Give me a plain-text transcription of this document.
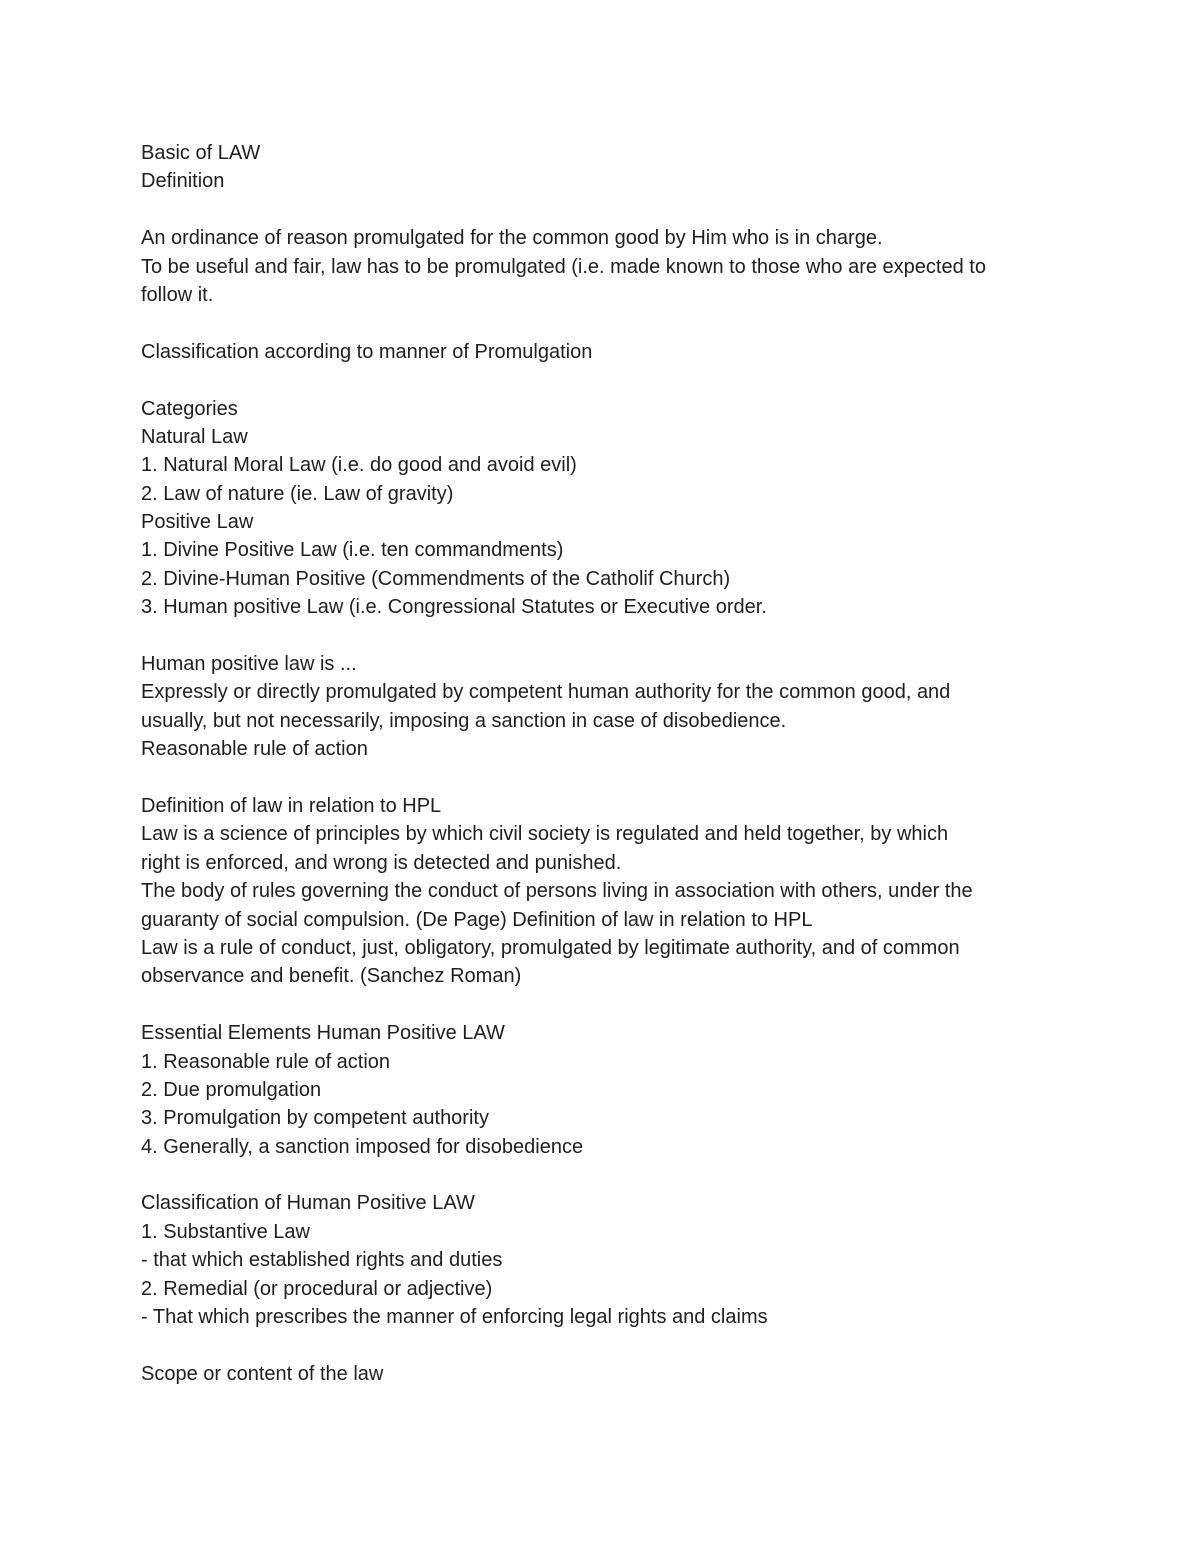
Basic of LAW
Definition
An ordinance of reason promulgated for the common good by Him who is in charge.
To be useful and fair, law has to be promulgated (i.e. made known to those who are expected to
follow it.
Classification according to manner of Promulgation
Categories
Natural Law
1. Natural Moral Law (i.e. do good and avoid evil)
2. Law of nature (ie. Law of gravity)
Positive Law
1. Divine Positive Law (i.e. ten commandments)
2. Divine-Human Positive (Commendments of the Catholif Church)
3. Human positive Law (i.e. Congressional Statutes or Executive order.
Human positive law is ...
Expressly or directly promulgated by competent human authority for the common good, and
usually, but not necessarily, imposing a sanction in case of disobedience.
Reasonable rule of action
Definition of law in relation to HPL
Law is a science of principles by which civil society is regulated and held together, by which
right is enforced, and wrong is detected and punished.
The body of rules governing the conduct of persons living in association with others, under the
guaranty of social compulsion. (De Page) Definition of law in relation to HPL
Law is a rule of conduct, just, obligatory, promulgated by legitimate authority, and of common
observance and benefit. (Sanchez Roman)
Essential Elements Human Positive LAW
1. Reasonable rule of action
2. Due promulgation
3. Promulgation by competent authority
4. Generally, a sanction imposed for disobedience
Classification of Human Positive LAW
1. Substantive Law
- that which established rights and duties
2. Remedial (or procedural or adjective)
- That which prescribes the manner of enforcing legal rights and claims
Scope or content of the law
